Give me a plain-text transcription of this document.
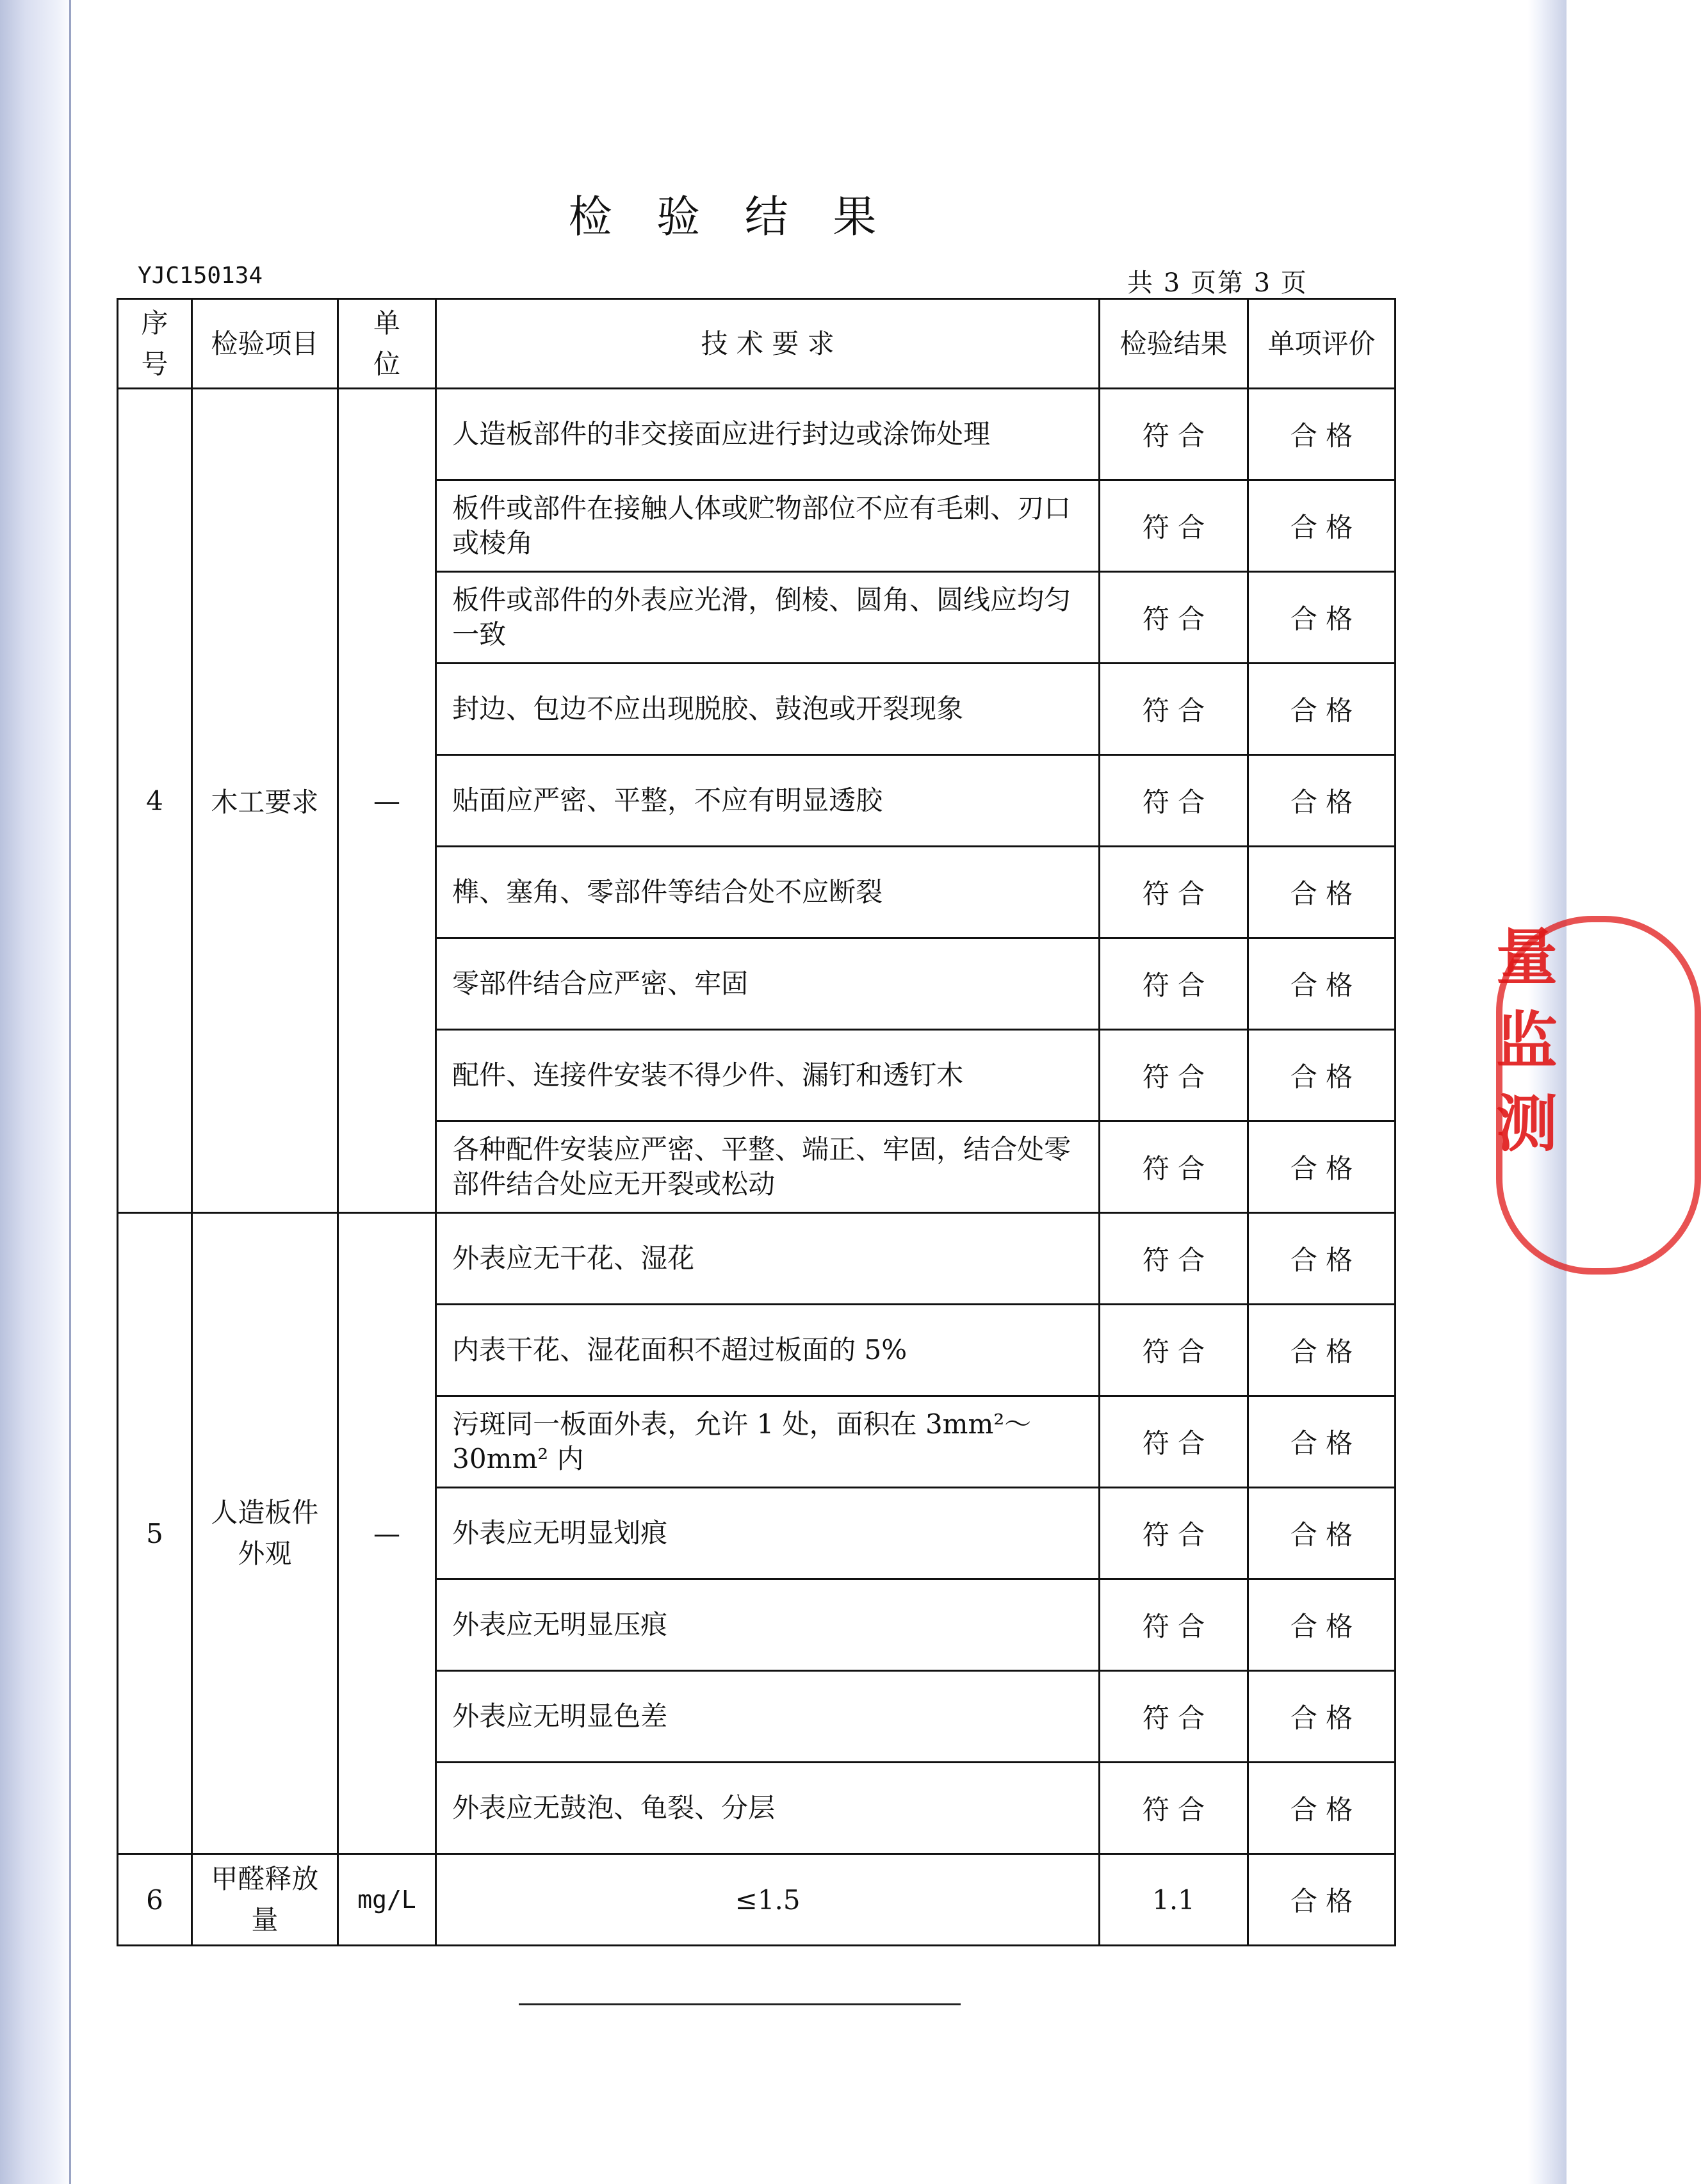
检 验 结 果
YJC150134	共 3 页第 3 页
序号	检验项目	单位	技 术 要 求	检验结果	单项评价
4	木工要求	—	人造板部件的非交接面应进行封边或涂饰处理	符 合	合 格
			板件或部件在接触人体或贮物部位不应有毛刺、刃口或棱角	符 合	合 格
			板件或部件的外表应光滑，倒棱、圆角、圆线应均匀一致	符 合	合 格
			封边、包边不应出现脱胶、鼓泡或开裂现象	符 合	合 格
			贴面应严密、平整，不应有明显透胶	符 合	合 格
			榫、塞角、零部件等结合处不应断裂	符 合	合 格
			零部件结合应严密、牢固	符 合	合 格
			配件、连接件安装不得少件、漏钉和透钉木	符 合	合 格
			各种配件安装应严密、平整、端正、牢固，结合处零部件结合处应无开裂或松动	符 合	合 格
5	人造板件外观	—	外表应无干花、湿花	符 合	合 格
			内表干花、湿花面积不超过板面的 5%	符 合	合 格
			污斑同一板面外表，允许 1 处，面积在 3mm²～30mm² 内	符 合	合 格
			外表应无明显划痕	符 合	合 格
			外表应无明显压痕	符 合	合 格
			外表应无明显色差	符 合	合 格
			外表应无鼓泡、龟裂、分层	符 合	合 格
6	甲醛释放量	mg/L	≤1.5	1.1	合 格
量 监 测
